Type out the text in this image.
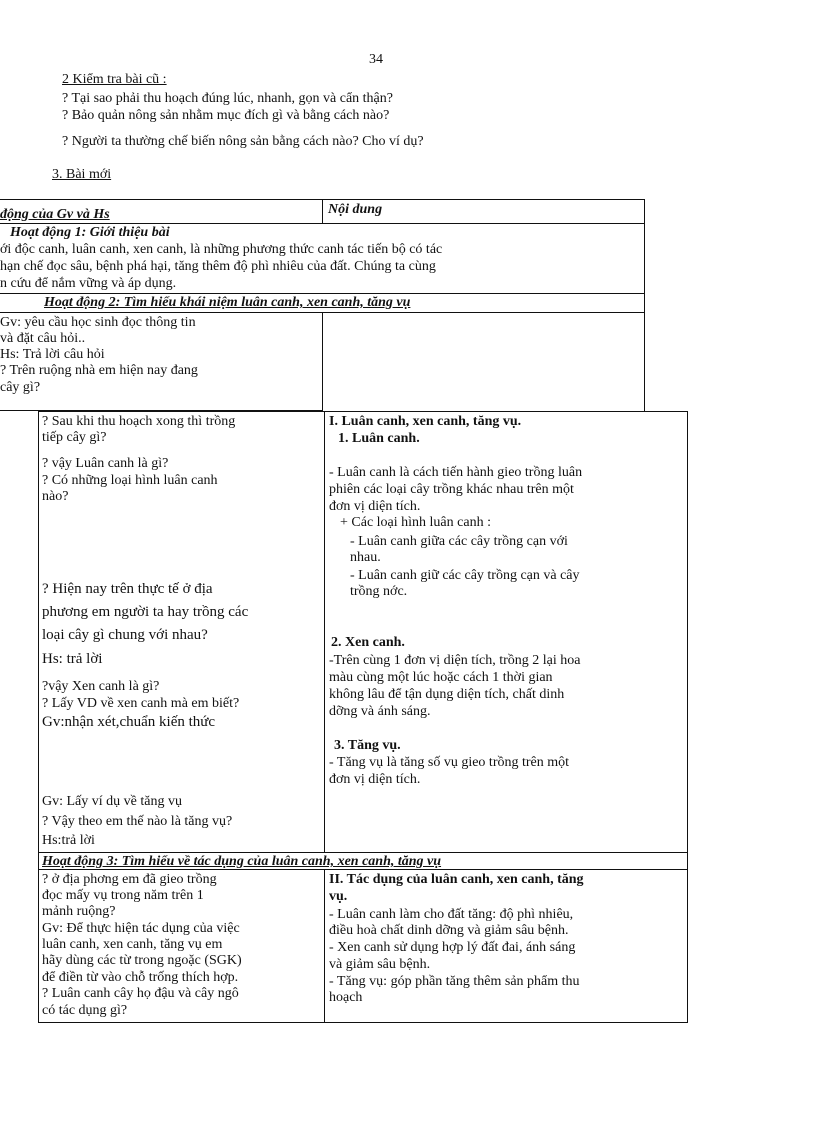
34
2 Kiểm tra bài cũ :
? Tại sao phải thu hoạch đúng lúc, nhanh, gọn và cẩn thận?
? Bảo quản nông sản nhằm mục đích gì và bằng cách nào?
? Người ta thường chế biến nông sản bằng cách nào? Cho ví dụ?
3. Bài mới
động của Gv và Hs	Nội dung
Hoạt động 1: Giới thiệu bài
ới độc canh, luân canh, xen canh, là những phương thức canh tác tiến bộ có tác
hạn chế đọc sâu, bệnh phá hại, tăng thêm độ phì nhiêu của đất. Chúng ta cùng
n cứu để nắm vững và áp dụng.
Hoạt động 2: Tìm hiểu khái niệm luân canh, xen canh, tăng vụ
Gv: yêu cầu học sinh đọc thông tin
và đặt câu hỏi..
Hs: Trả lời câu hỏi
? Trên ruộng nhà em hiện nay đang
cây gì?
? Sau khi thu hoạch xong thì trồng
tiếp cây gì?
? vậy Luân canh là gì?
? Có những loại hình luân canh
nào?
? Hiện nay trên thực tế ở địa
phương em người ta hay trồng các
loại cây gì chung với nhau?
Hs: trả lời
?vậy Xen canh là gì?
? Lấy VD về xen canh mà em biết?
Gv:nhận xét,chuẩn kiến thức
Gv: Lấy ví dụ về tăng vụ
? Vậy theo em thế nào là tăng vụ?
Hs:trả lời
I. Luân canh, xen canh, tăng vụ.
1. Luân canh.
- Luân canh là cách tiến hành gieo trồng luân
phiên các loại cây trồng khác nhau trên một
đơn vị diện tích.
+ Các loại hình luân canh :
- Luân canh giữa các cây trồng cạn với
nhau.
- Luân canh giữ các cây trồng cạn và cây
trồng nớc.
2. Xen canh.
-Trên cùng 1 đơn vị diện tích, trồng 2 lại hoa
màu cùng một lúc hoặc cách 1 thời gian
không lâu để tận dụng diện tích, chất dinh
dỡng và ánh sáng.
3. Tăng vụ.
- Tăng vụ là tăng số vụ gieo trồng trên một
đơn vị diện tích.
Hoạt động 3: Tìm hiểu về tác dụng của luân canh, xen canh, tăng vụ
? ở địa phơng em đã gieo trồng
đọc mấy vụ trong năm trên 1
mảnh ruộng?
Gv: Để thực hiện tác dụng của việc
luân canh, xen canh, tăng vụ em
hãy dùng các từ trong ngoặc (SGK)
để điền từ vào chỗ trống thích hợp.
? Luân canh cây họ đậu và cây ngô
có tác dụng gì?
II. Tác dụng của luân canh, xen canh, tăng
vụ.
- Luân canh làm cho đất tăng: độ phì nhiêu,
điều hoà chất dinh dỡng và giảm sâu bệnh.
- Xen canh sử dụng hợp lý đất đai, ánh sáng
và giảm sâu bệnh.
- Tăng vụ: góp phần tăng thêm sản phẩm thu
hoạch
